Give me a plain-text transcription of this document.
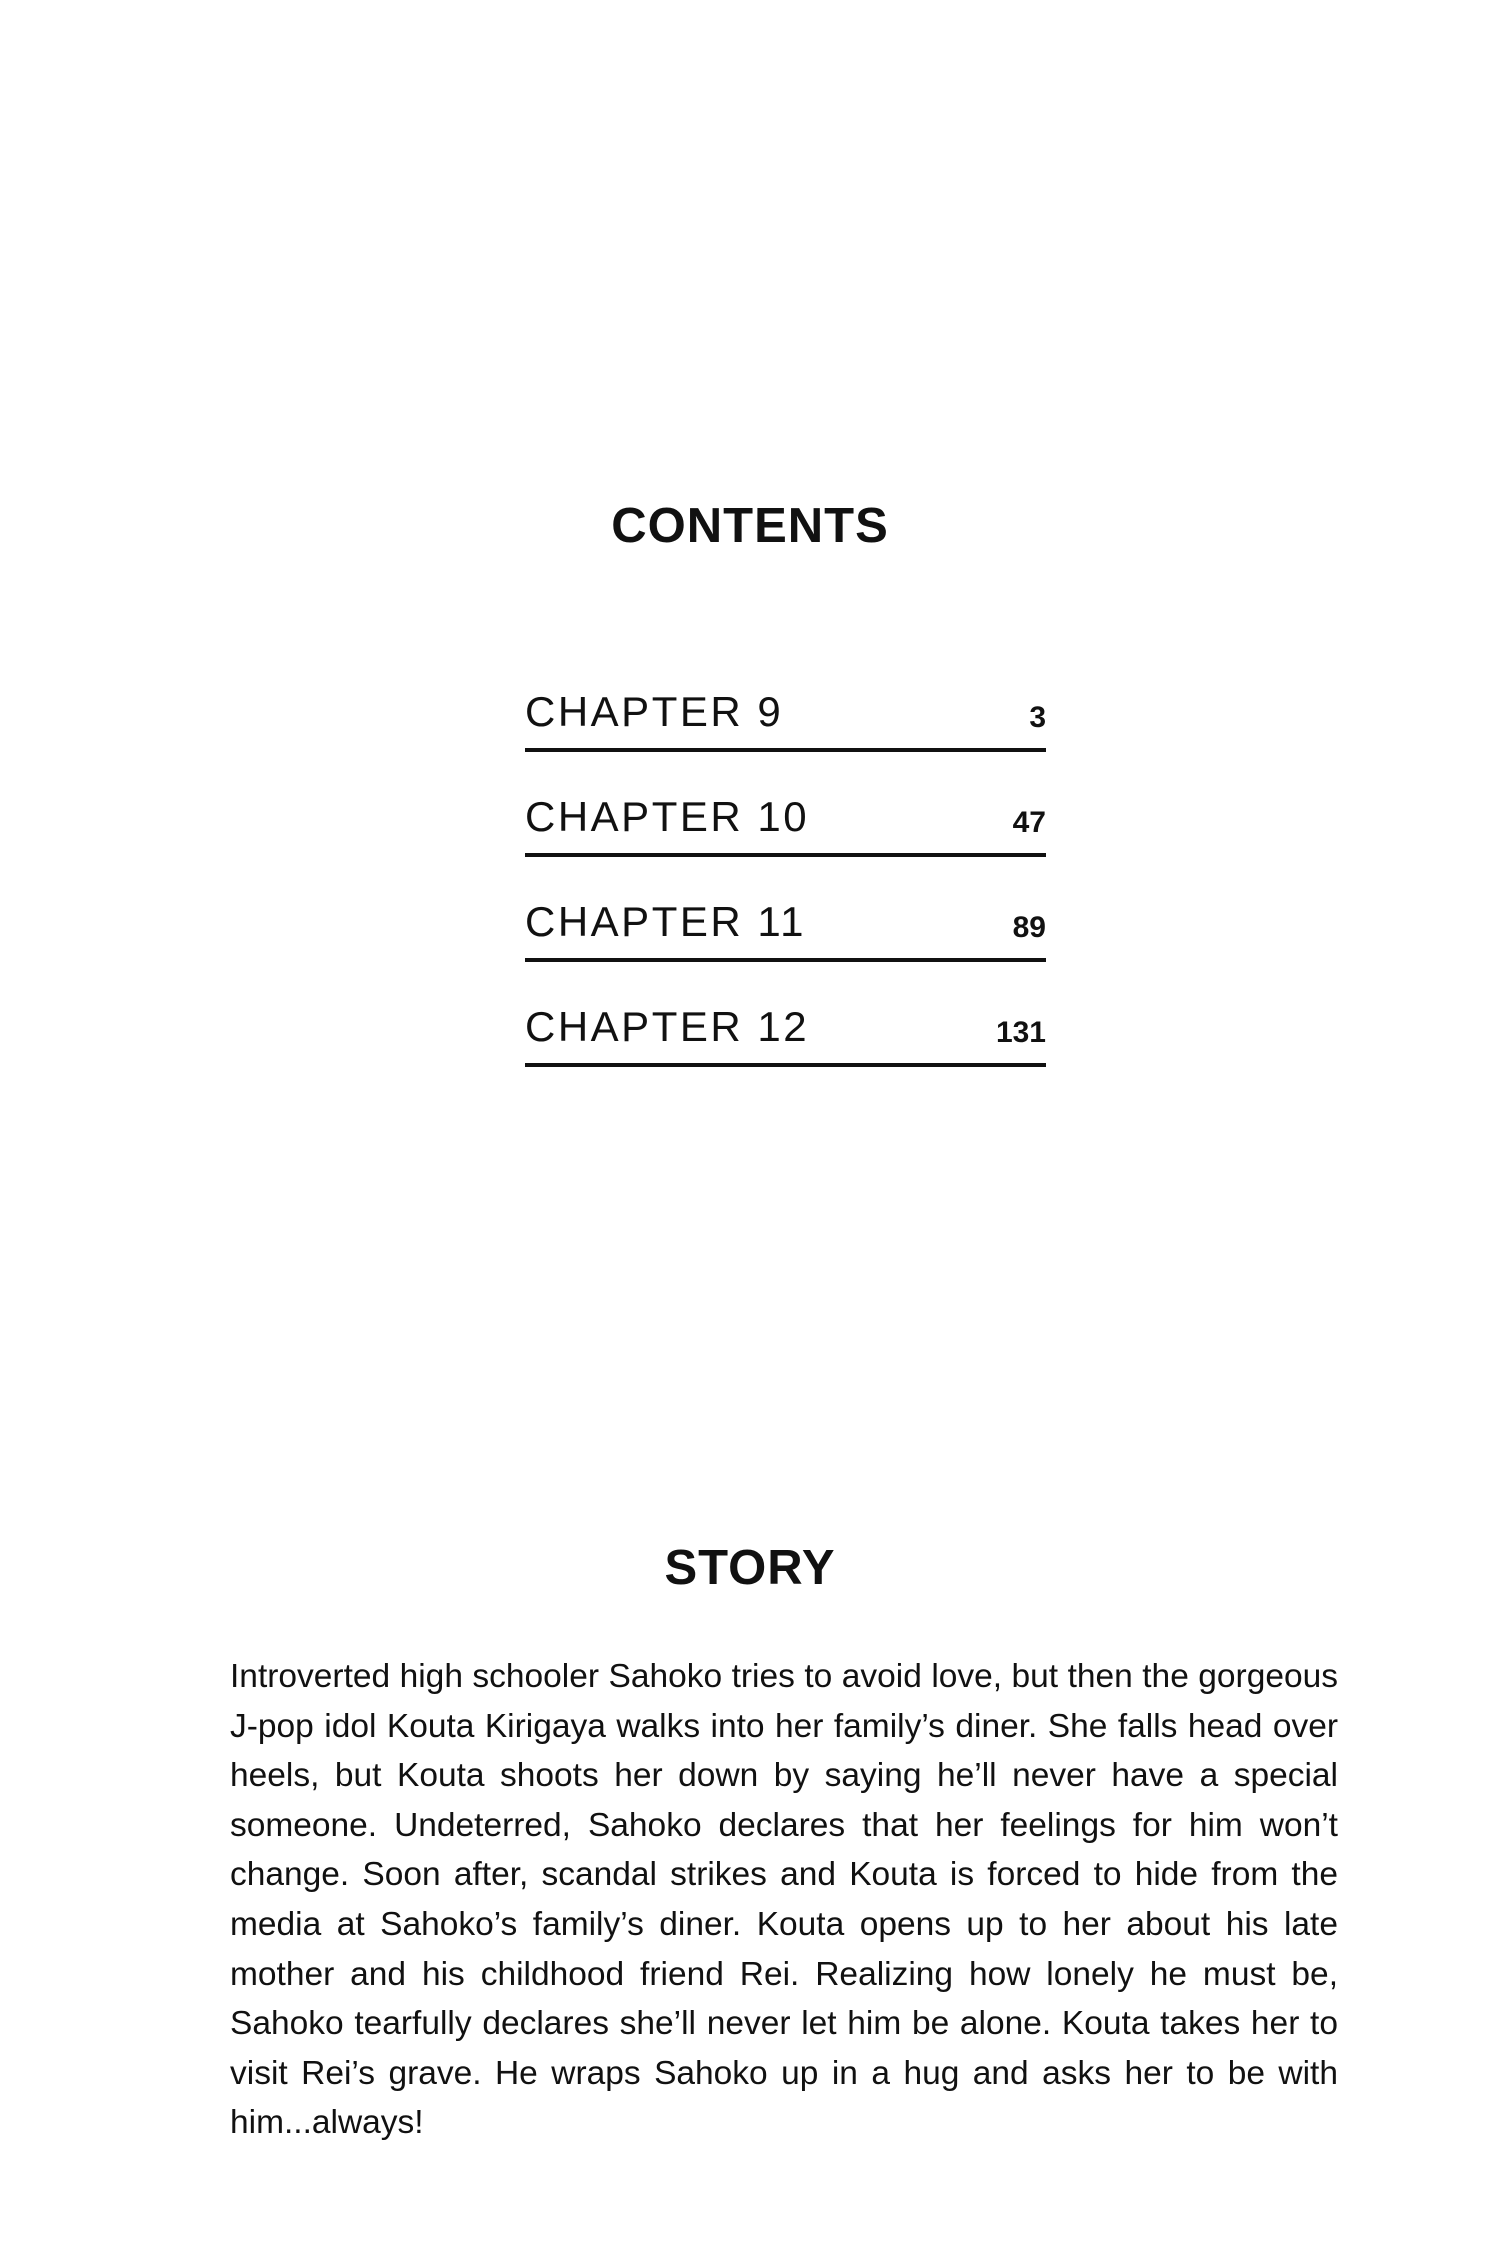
CONTENTS
CHAPTER 9	3
CHAPTER 10	47
CHAPTER 11	89
CHAPTER 12	131
STORY

Introverted high schooler Sahoko tries to avoid love, but then the gorgeous J-pop idol Kouta Kirigaya walks into her family’s diner. She falls head over heels, but Kouta shoots her down by saying he’ll never have a special someone. Undeterred, Sahoko declares that her feelings for him won’t change. Soon after, scandal strikes and Kouta is forced to hide from the media at Sahoko’s family’s diner. Kouta opens up to her about his late mother and his childhood friend Rei. Realizing how lonely he must be, Sahoko tearfully declares she’ll never let him be alone. Kouta takes her to visit Rei’s grave. He wraps Sahoko up in a hug and asks her to be with him...always!
